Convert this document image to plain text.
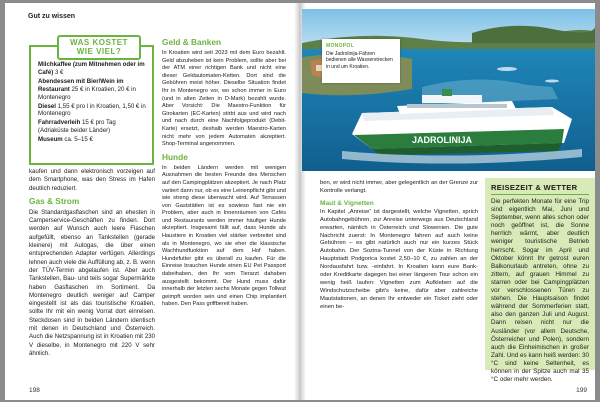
Gut zu wissen
WAS KOSTET WIE VIEL?
Milchkaffee (zum Mitnehmen oder im Café) 3 €
Abendessen mit Bier/Wein im Restaurant 25 € in Kroatien, 20 € in Montenegro
Diesel 1,55 € pro l in Kroatien, 1,50 € in Montenegro
Fahrradverleih 15 € pro Tag (Adriaküste beider Länder)
Museum ca. 5–15 €

kaufen und dann elektronisch vorzeigen auf dem Smartphone, was den Stress im Hafen deutlich reduziert.

Gas & Strom

Die Standardgasflaschen sind an ehesten in Camperservice-Geschäften zu finden. Dort werden auf Wunsch auch leere Flaschen aufgefüllt, ebenso an Tankstellen (gerade kleinere) mit Autogas, die über einen entsprechenden Adapter verfügen. Allerdings lehnen auch viele die Auffüllung ab, z. B. wenn der TÜV-Termin abgelaufen ist. Aber auch Tankstellen, Bau- und teils sogar Supermärkte haben Gasflaschen im Sortiment. Da Montenegro deutlich weniger auf Camper eingestellt ist als das touristische Kroatien, sollte Ihr mit ein wenig Vorrat dort einreisen. Steckdosen sind in beiden Ländern identisch mit denen in Deutschland und Österreich. Auch die Netzspannung ist in Kroatien mit 230 V dieselbe, in Montenegro mit 220 V sehr ähnlich.

Geld & Banken

In Kroatien wird seit 2023 mit dem Euro bezahlt. Geld abzuheben ist kein Problem, sollte aber bei der ATM einer richtigen Bank und nicht eine dieser Geldautomaten-Ketten. Dort sind die Gebühren meist höher. Dieselbe Situation findet Ihr in Montenegro vor, wo schon immer in Euro (und in alten Zeiten in D-Mark) bezahlt wurde. Aber Vorsicht: Die Maestro-Funktion für Girokarten (EC-Karten) stirbt aus und wird nach und nach durch eine Nachfolgeprodukt (Debit-Karte) ersetzt, deshalb werden Maestro-Karten nicht mehr von jedem Automaten akzeptiert. Shop-Terminal angenommen.

Hunde

In beiden Ländern werden mit wenigen Ausnahmen die besten Freunde des Menschen auf den Campingplätzen akzeptiert. Je nach Platz variiert dann nur, ob es eine Leinenpflicht gibt und wie streng diese überwacht wird. Auf Terrassen von Gaststätten ist es sowieso fast nie ein Problem, aber auch in Innenräumen von Cafés und Restaurants werden immer häufiger Hunde akzeptiert. Insgesamt fällt auf, dass Hunde als Haustiere in Kroatien viel stärker verbreitet sind als in Montenegro, wo sie eher die klassische Wachhundfunktion auf dem Hof haben. Hundefutter gibt es überall zu kaufen. Für die Einreise brauchen Hunde einen EU Pet Passport dabeihaben, den Ihr vom Tierarzt dahaben ausgestellt bekommt. Der Hund muss dafür innerhalb der letzten sechs Monate gegen Tollwut geimpft worden sein und einen Chip implantiert haben. Den Pass griffbereit haben.

198
JADROLINIJA
MONOPOL
Die Jadrolinija-Fähren bedienen alle Wasserstrecken in und um Kroatien.

ben, er wird nicht immer, aber gelegentlich an der Grenze zur Kontrolle verlangt.

Maut & Vignetten

In Kapitel „Anreise“ ist dargestellt, welche Vignetten, sprich Autobahngebühren, zur Anreise unterwegs aus Deutschland erwarten, nämlich in Österreich und Slowenien. Die gute Nachricht zuerst: In Montenegro fahren auf auch keine Gebühren – es gibt natürlich auch nur ein kurzes Stück Autobahn. Der Sozina-Tunnel von der Küste in Richtung Hauptstadt Podgorica kostet 2,50–10 €, zu zahlen an der Nordausfahrt bzw. -einfahrt. In Kroatien kann eure Bank- oder Kreditkarte dagegen bei einer längeren Tour schon ein wenig heiß laufen: Vignetten zum Aufkleben auf die Windschutzscheibe gibt's keine, dafür aber zahlreiche Mautstationen, an denen Ihr entweder ein Ticket zieht oder einen be-

REISEZEIT & WETTER
Die perfekten Monate für eine Trip sind eigentlich Mai, Juni und September, wenn alles schon oder noch geöffnet ist, die Sonne herrlich wärmt, aber deutlich weniger touristische Betrieb herrscht. Sogar im April und Oktober könnt Ihr getrost euren Balkonurlaub antreten, ohne zu zittern, auf grauen Himmel zu starren oder bei Campingplätzen vor verschlossenen Türen zu stehen. Die Hauptsaison findet während der Sommerferien statt, also den ganzen Juli und August. Dann reisen nicht nur die Ausländer (vor allem Deutsche, Österreicher und Polen), sondern auch die Einheimischen in großer Zahl. Und es kann heiß werden: 30 °C sind keine Seltenheit, es können in der Spitze auch mal 35 °C oder mehr werden.
199
